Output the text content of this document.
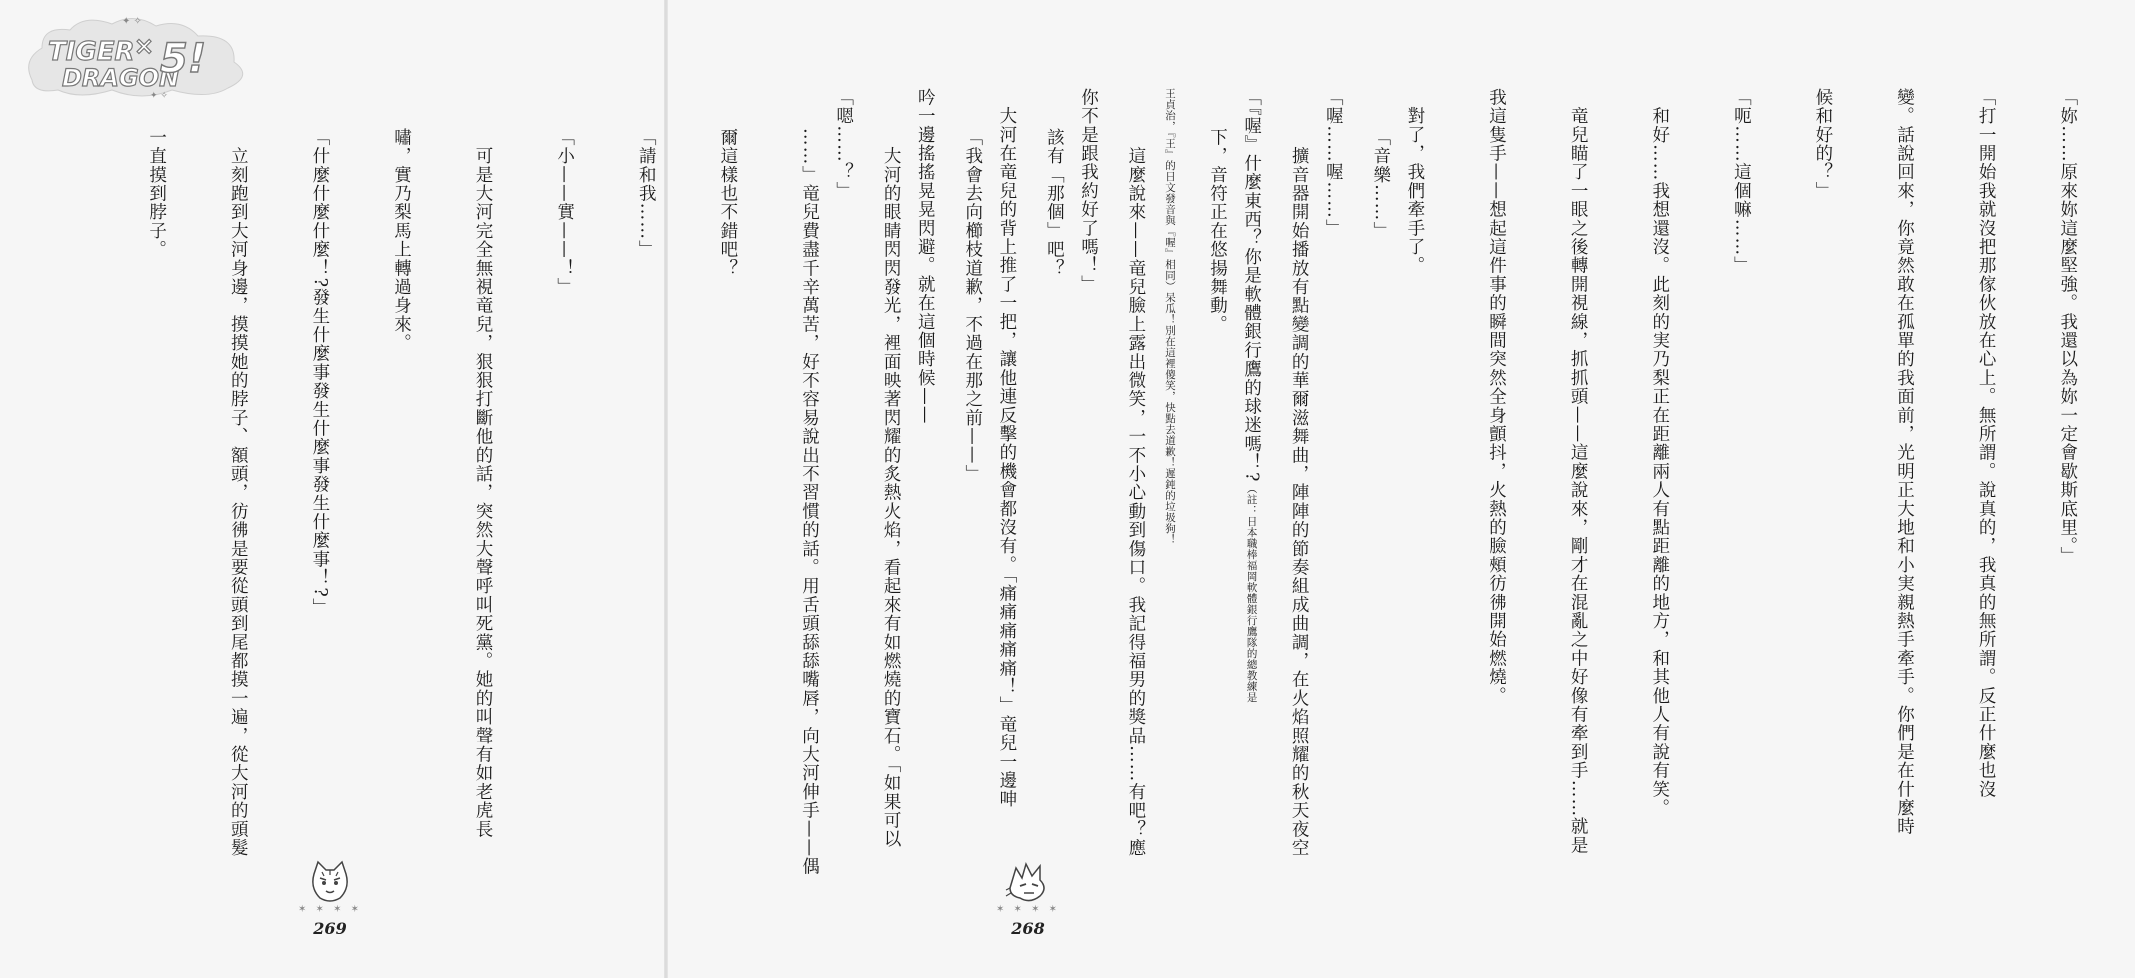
TIGER
DRAGON
× 5!
✦ ✧
✦ ✧

「音樂……」

　擴音器開始播放有點變調的華爾滋舞曲，陣陣的節奏組成曲調，在火焰照耀的秋天夜空

下，音符正在悠揚舞動。

　這麼說來——竜兒臉上露出微笑，一不小心動到傷口。我記得福男的獎品……有吧？應

該有「那個」吧？

「我會去向櫛枝道歉，不過在那之前——」

　大河的眼睛閃閃發光，裡面映著閃耀的炙熱火焰，看起來有如燃燒的寶石。「如果可以

……」竜兒費盡千辛萬苦，好不容易說出不習慣的話。用舌頭舔舔嘴唇，向大河伸手——偶

爾這樣也不錯吧？

「請和我……」

「小——實——！」

　可是大河完全無視竜兒，狠狠打斷他的話，突然大聲呼叫死黨。她的叫聲有如老虎長

嘯，實乃梨馬上轉過身來。

「什麼什麼什麼！?發生什麼事發生什麼事發生什麼事！?」

　立刻跑到大河身邊，摸摸她的脖子、額頭，彷彿是要從頭到尾都摸一遍，從大河的頭髮

一直摸到脖子。

✶ ✶ ✶ ✶
269

「妳……原來妳這麼堅強。我還以為妳一定會歇斯底里。」

「打一開始我就沒把那傢伙放在心上。無所謂。說真的，我真的無所謂。反正什麼也沒

變。話說回來，你竟然敢在孤單的我面前，光明正大地和小実親熱手牽手。你們是在什麼時

候和好的？」

「呃……這個嘛……」

　和好……我想還沒。此刻的実乃梨正在距離兩人有點距離的地方，和其他人有說有笑。

　竜兒瞄了一眼之後轉開視線，抓抓頭——這麼說來，剛才在混亂之中好像有牽到手……就是

我這隻手——想起這件事的瞬間突然全身顫抖，火熱的臉頰彷彿開始燃燒。

　對了，我們牽手了。

「喔……喔……」

「『喔』什麼東西？你是軟體銀行鷹的球迷嗎！?（註：日本職棒福岡軟體銀行鷹隊的總教練是

王貞治，『王』的日文發音與『喔』相同）呆瓜！別在這裡傻笑，快點去道歉！遲鈍的垃圾狗！

你不是跟我約好了嗎！」

　大河在竜兒的背上推了一把，讓他連反擊的機會都沒有。「痛痛痛痛痛！」竜兒一邊呻

吟一邊搖搖晃晃閃避。就在這個時候——

「嗯……？」

✶ ✶ ✶ ✶
268
